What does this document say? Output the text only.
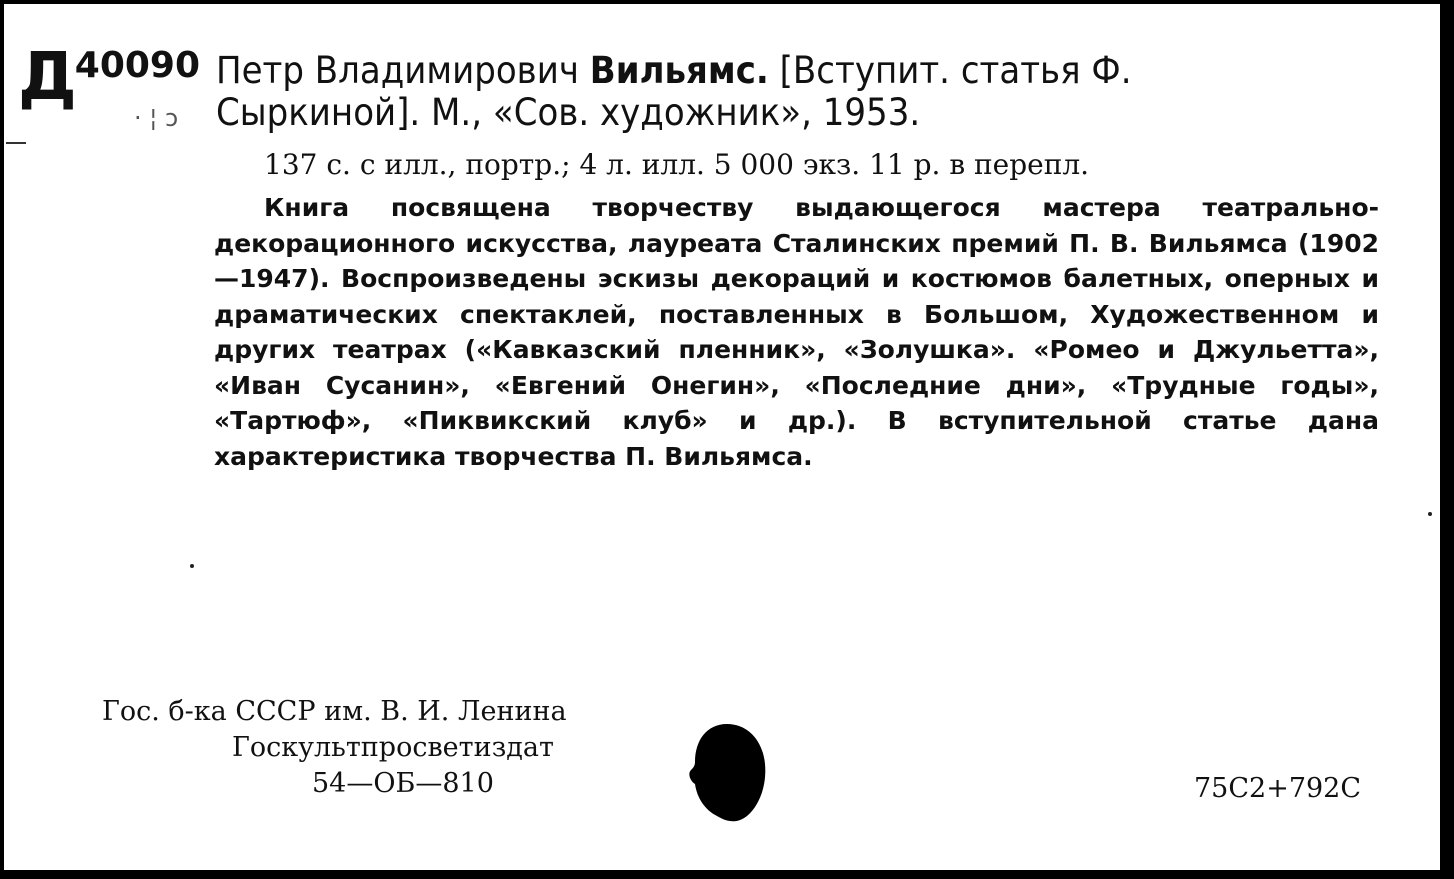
Д40090
· ¦ ɔ

Петр Владимирович Вильямс. [Вступит. статья Ф. Сыркиной]. М., «Сов. художник», 1953.

137 с. с илл., портр.; 4 л. илл. 5 000 экз. 11 р. в перепл.

Книга посвящена творчеству выдающегося мастера театрально-декорационного искусства, лауреата Сталинских премий П. В. Вильямса (1902—1947). Воспроизведены эскизы декораций и костюмов балетных, оперных и драматических спектаклей, поставленных в Большом, Художественном и других театрах («Кавказский пленник», «Золушка». «Ромео и Джульетта», «Иван Сусанин», «Евгений Онегин», «Последние дни», «Трудные годы», «Тартюф», «Пиквикский клуб» и др.). В вступительной статье дана характеристика творчества П. Вильямса.

Гос. б-ка СССР им. В. И. Ленина
Госкультпросветиздат
54—ОБ—810	75С2+792С
